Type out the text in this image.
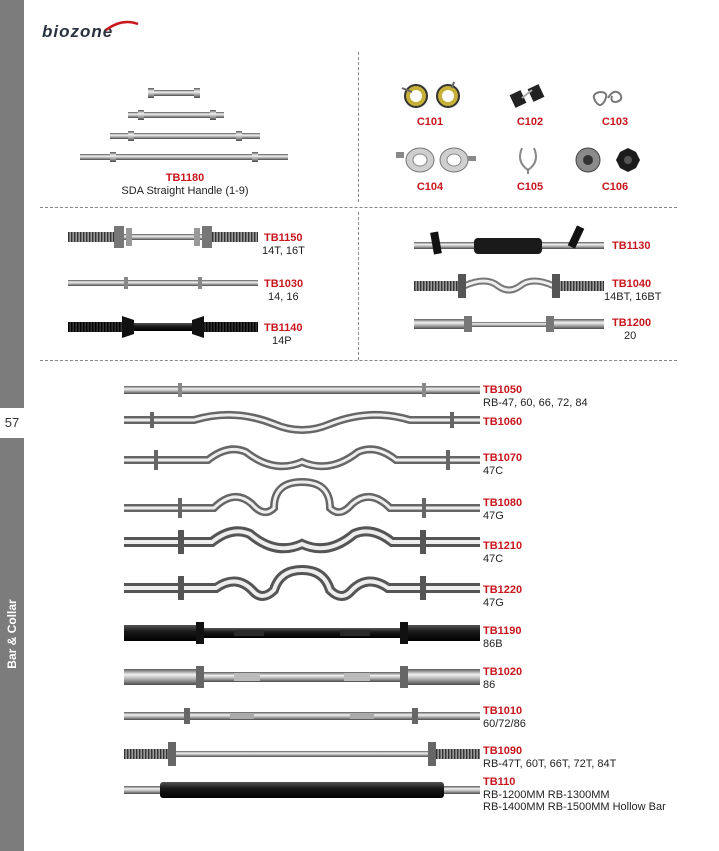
57
Bar & Collar
biozone
TB1180
SDA Straight Handle (1-9)
C101	C102	C103
C104	C105	C106
TB1150
14T, 16T
TB1030
14, 16
TB1140
14P
TB1130
TB1040
14BT, 16BT
TB1200
20
TB1050
RB-47, 60, 66, 72, 84
TB1060
TB1070
47C
TB1080
47G
TB1210
47C
TB1220
47G
TB1190
86B
TB1020
86
TB1010
60/72/86
TB1090
RB-47T, 60T, 66T, 72T, 84T
TB110
RB-1200MM RB-1300MM
RB-1400MM RB-1500MM Hollow Bar
